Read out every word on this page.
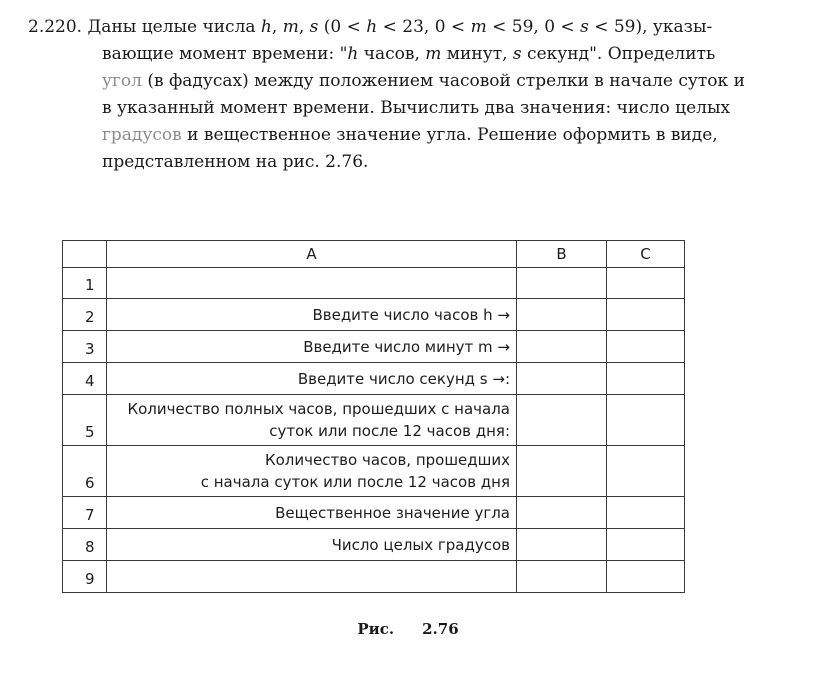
2.220. Даны целые числа h, m, s (0 < h < 23, 0 < m < 59, 0 < s < 59), указы-

вающие момент времени: "h часов, m минут, s секунд". Определить

угол (в фадусах) между положением часовой стрелки в начале суток и

в указанный момент времени. Вычислить два значения: число целых

градусов и вещественное значение угла. Решение оформить в виде,

представленном на рис. 2.76.

	A	B	C
1			
2	Введите число часов h →		
3	Введите число минут m →		
4	Введите число секунд s →:		
5	Количество полных часов, прошедших с начала
суток или после 12 часов дня:		

6	Количество часов, прошедших
с начала суток или после 12 часов дня		

7	Вещественное значение угла		
8	Число целых градусов		
9			
Рис. 2.76
